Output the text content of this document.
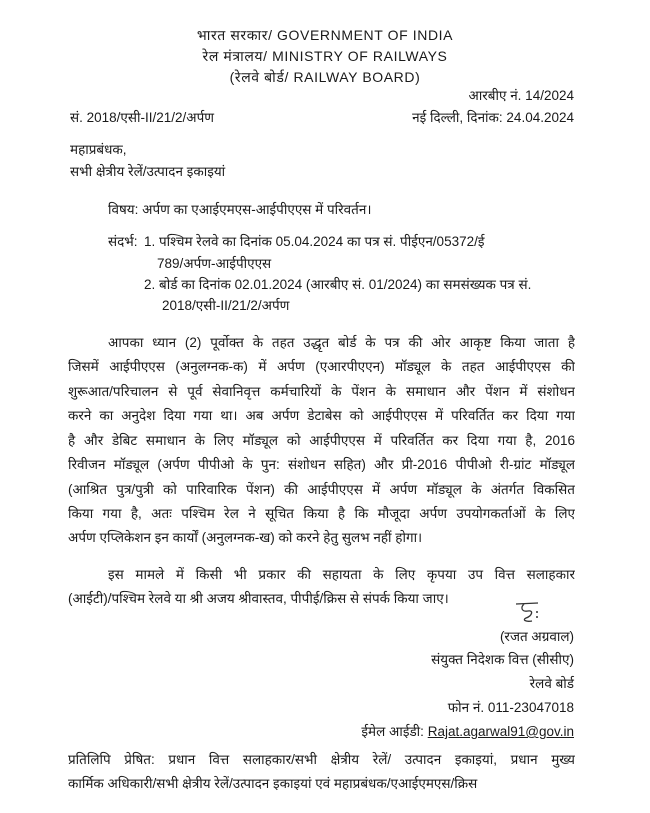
भारत सरकार/ GOVERNMENT OF INDIA
रेल मंत्रालय/ MINISTRY OF RAILWAYS
(रेलवे बोर्ड/ RAILWAY BOARD)
आरबीए नं. 14/2024
सं. 2018/एसी-II/21/2/अर्पण	नई दिल्ली, दिनांक: 24.04.2024
महाप्रबंधक,
सभी क्षेत्रीय रेलें/उत्पादन इकाइयां
विषय: अर्पण का एआईएमएस-आईपीएएस में परिवर्तन।
संदर्भ: 1. पश्चिम रेलवे का दिनांक 05.04.2024 का पत्र सं. पीईएन/05372/ई
789/अर्पण-आईपीएएस
2. बोर्ड का दिनांक 02.01.2024 (आरबीए सं. 01/2024) का समसंख्यक पत्र सं.
2018/एसी-II/21/2/अर्पण
आपका ध्यान (2) पूर्वोक्त के तहत उद्धृत बोर्ड के पत्र की ओर आकृष्ट किया जाता है
जिसमें आईपीएएस (अनुलग्नक-क) में अर्पण (एआरपीएएन) मॉड्यूल के तहत आईपीएएस की
शुरूआत/परिचालन से पूर्व सेवानिवृत्त कर्मचारियों के पेंशन के समाधान और पेंशन में संशोधन
करने का अनुदेश दिया गया था। अब अर्पण डेटाबेस को आईपीएएस में परिवर्तित कर दिया गया
है और डेबिट समाधान के लिए मॉड्यूल को आईपीएएस में परिवर्तित कर दिया गया है, 2016
रिवीजन मॉड्यूल (अर्पण पीपीओ के पुन: संशोधन सहित) और प्री-2016 पीपीओ री-ग्रांट मॉड्यूल
(आश्रित पुत्र/पुत्री को पारिवारिक पेंशन) की आईपीएएस में अर्पण मॉड्यूल के अंतर्गत विकसित
किया गया है, अतः पश्चिम रेल ने सूचित किया है कि मौजूदा अर्पण उपयोगकर्ताओं के लिए
अर्पण एप्लिकेशन इन कार्यों (अनुलग्नक-ख) को करने हेतु सुलभ नहीं होगा।
इस मामले में किसी भी प्रकार की सहायता के लिए कृपया उप वित्त सलाहकार
(आईटी)/पश्चिम रेलवे या श्री अजय श्रीवास्तव, पीपीई/क्रिस से संपर्क किया जाए।
(रजत अग्रवाल)
संयुक्त निदेशक वित्त (सीसीए)
रेलवे बोर्ड
फोन नं. 011-23047018
ईमेल आईडी: Rajat.agarwal91@gov.in
प्रतिलिपि प्रेषित: प्रधान वित्त सलाहकार/सभी क्षेत्रीय रेलें/ उत्पादन इकाइयां, प्रधान मुख्य
कार्मिक अधिकारी/सभी क्षेत्रीय रेलें/उत्पादन इकाइयां एवं महाप्रबंधक/एआईएमएस/क्रिस
